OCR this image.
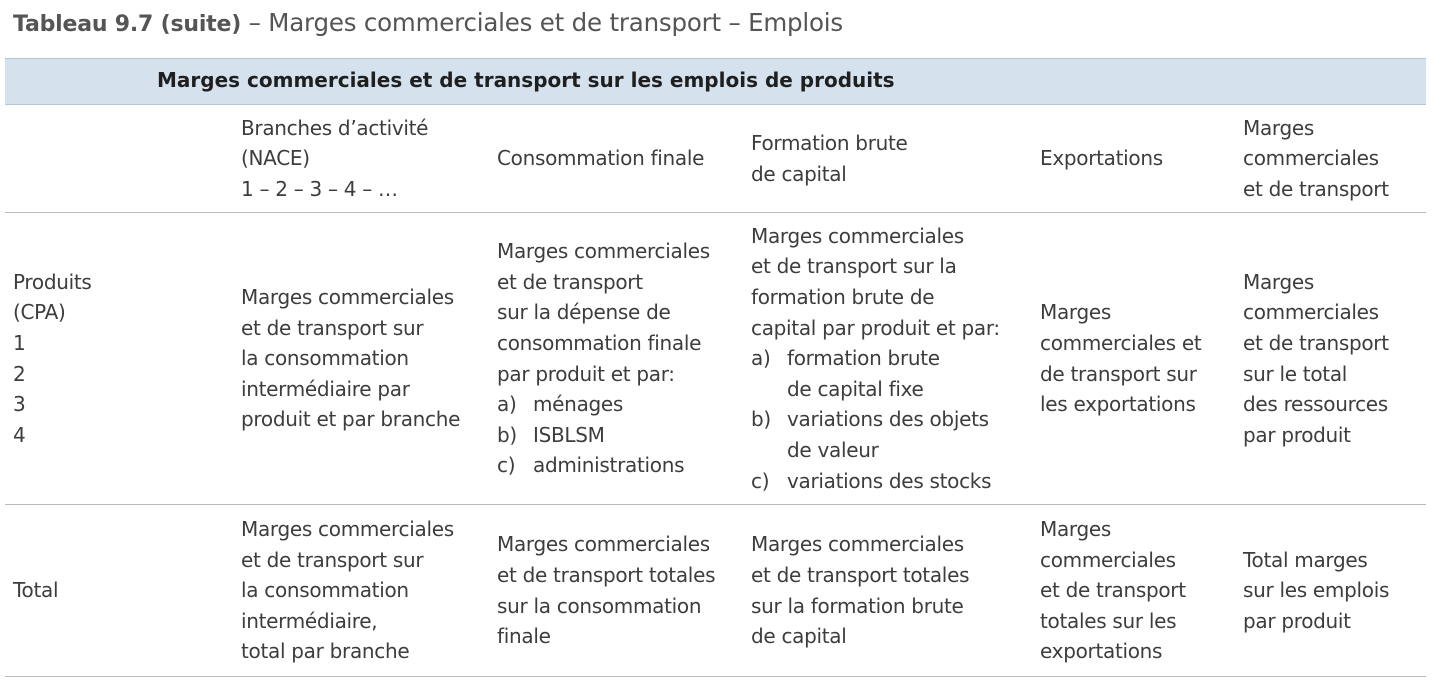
Tableau 9.7 (suite) – Marges commerciales et de transport – Emplois
Marges commerciales et de transport sur les emplois de produits
Branches d’activité
(NACE)
1 – 2 – 3 – 4 – …
Consommation finale
Formation brute
de capital
Exportations
Marges
commerciales
et de transport
Produits
(CPA)
1
2
3
4
Marges commerciales
et de transport sur
la consommation
intermédiaire par
produit et par branche
Marges commerciales
et de transport
sur la dépense de
consommation finale
par produit et par:
a) ménages
b) ISBLSM
c) administrations
Marges commerciales
et de transport sur la
formation brute de
capital par produit et par:
a) formation brute
de capital fixe
b) variations des objets
de valeur
c) variations des stocks
Marges
commerciales et
de transport sur
les exportations
Marges
commerciales
et de transport
sur le total
des ressources
par produit
Total
Marges commerciales
et de transport sur
la consommation
intermédiaire,
total par branche
Marges commerciales
et de transport totales
sur la consommation
finale
Marges commerciales
et de transport totales
sur la formation brute
de capital
Marges
commerciales
et de transport
totales sur les
exportations
Total marges
sur les emplois
par produit
